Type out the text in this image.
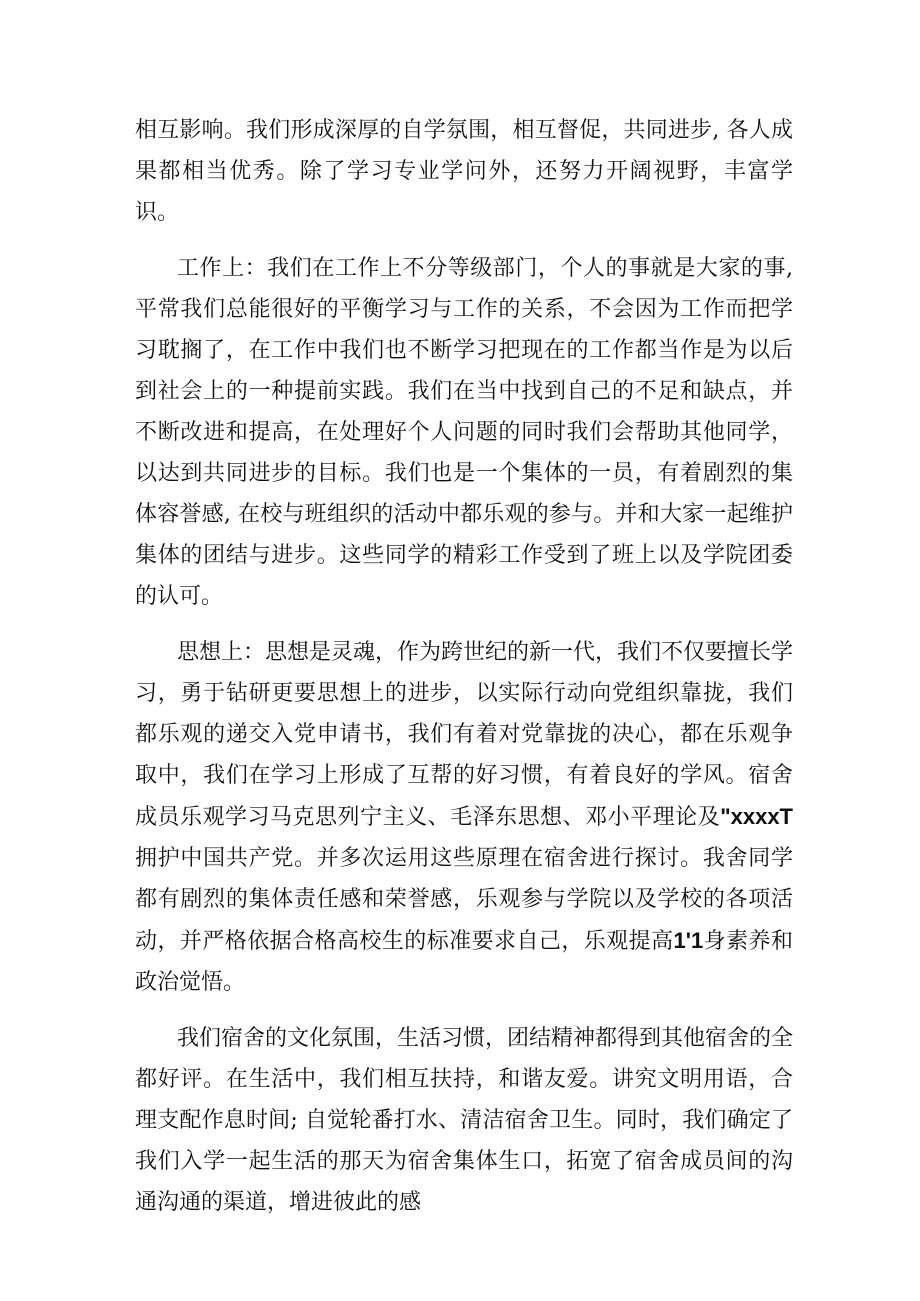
相互影响。我们形成深厚的自学氛围，相互督促，共同进步, 各人成果都相当优秀。除了学习专业学问外，还努力开阔视野，丰富学识。

工作上：我们在工作上不分等级部门，个人的事就是大家的事, 平常我们总能很好的平衡学习与工作的关系，不会因为工作而把学习耽搁了，在工作中我们也不断学习把现在的工作都当作是为以后到社会上的一种提前实践。我们在当中找到自己的不足和缺点，并不断改进和提高，在处理好个人问题的同时我们会帮助其他同学，以达到共同进步的目标。我们也是一个集体的一员，有着剧烈的集体容誉感, 在校与班组织的活动中都乐观的参与。并和大家一起维护集体的团结与进步。这些同学的精彩工作受到了班上以及学院团委的认可。

思想上：思想是灵魂，作为跨世纪的新一代，我们不仅要擅长学习，勇于钻研更要思想上的进步，以实际行动向党组织靠拢，我们都乐观的递交入党申请书，我们有着对党靠拢的决心，都在乐观争取中，我们在学习上形成了互帮的好习惯，有着良好的学风。宿舍成员乐观学习马克思列宁主义、毛泽东思想、邓小平理论及"xxxxT拥护中国共产党。并多次运用这些原理在宿舍进行探讨。我舍同学都有剧烈的集体责任感和荣誉感，乐观参与学院以及学校的各项活动，并严格依据合格高校生的标准要求自己，乐观提高1'1身素养和政治觉悟。

我们宿舍的文化氛围，生活习惯，团结精神都得到其他宿舍的全都好评。在生活中，我们相互扶持，和谐友爱。讲究文明用语，合理支配作息时间; 自觉轮番打水、清洁宿舍卫生。同时，我们确定了我们入学一起生活的那天为宿舍集体生口，拓宽了宿舍成员间的沟通沟通的渠道，增进彼此的感
